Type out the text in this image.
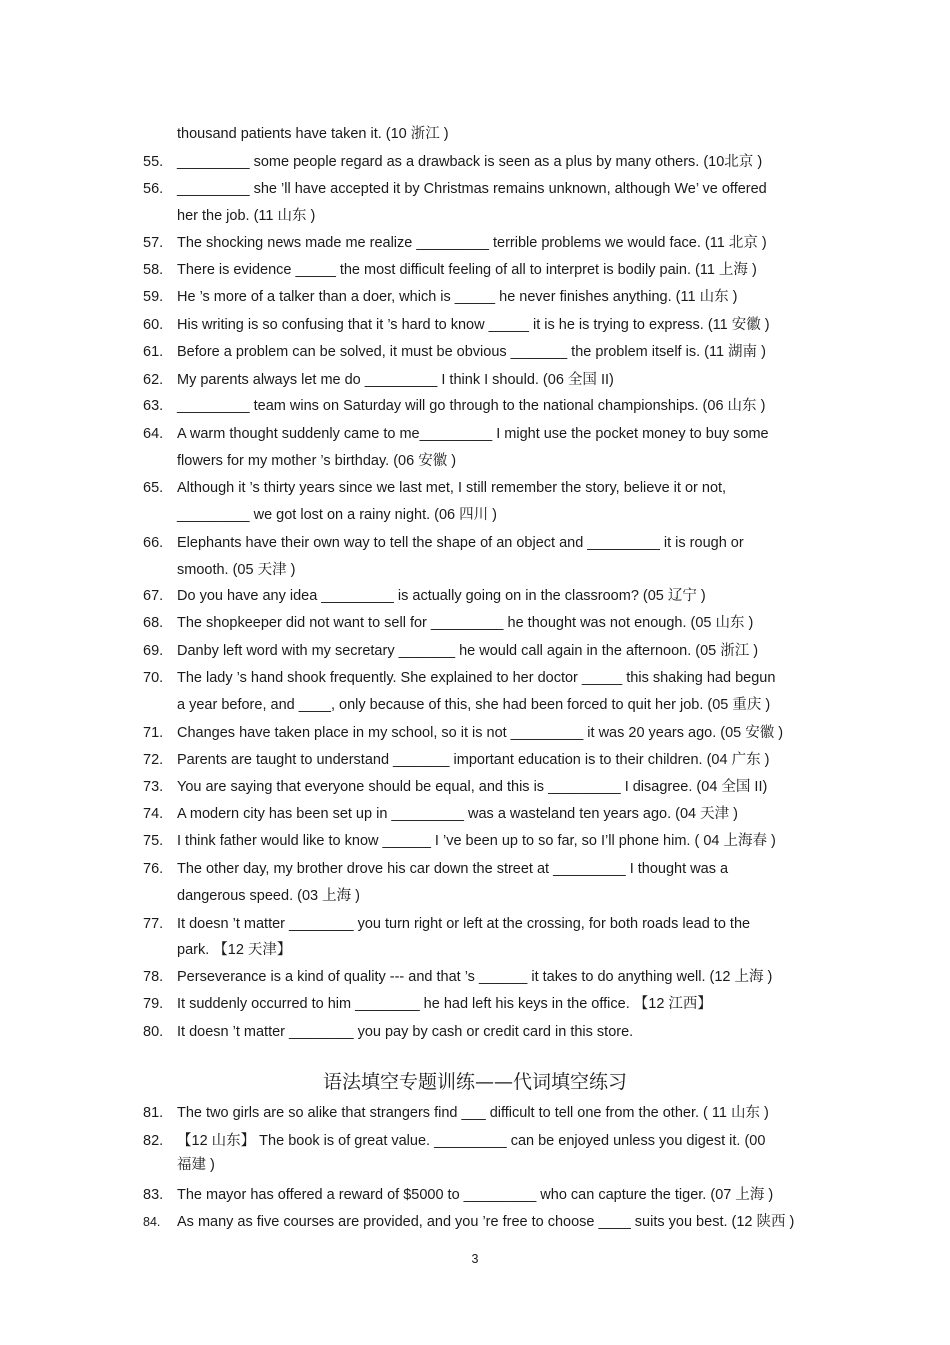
thousand patients have taken it. (10 浙江 )
55. _________ some people regard as a drawback is seen as a plus by many others. (10北京 )
56. _________ she ’ll have accepted it by Christmas remains unknown, although We’ ve offered
her the job. (11 山东 )
57. The shocking news made me realize _________ terrible problems we would face. (11 北京 )
58. There is evidence _____ the most difficult feeling of all to interpret is bodily pain. (11 上海 )
59. He ’s more of a talker than a doer, which is _____ he never finishes anything. (11 山东 )
60. His writing is so confusing that it ’s hard to know _____ it is he is trying to express. (11 安徽 )
61. Before a problem can be solved, it must be obvious _______ the problem itself is. (11 湖南 )
62. My parents always let me do _________ I think I should. (06 全国 II)
63. _________ team wins on Saturday will go through to the national championships. (06 山东 )
64. A warm thought suddenly came to me_________ I might use the pocket money to buy some
flowers for my mother ’s birthday. (06 安徽 )
65. Although it ’s thirty years since we last met, I still remember the story, believe it or not,
_________ we got lost on a rainy night. (06 四川 )
66. Elephants have their own way to tell the shape of an object and _________ it is rough or
smooth. (05 天津 )
67. Do you have any idea _________ is actually going on in the classroom? (05 辽宁 )
68. The shopkeeper did not want to sell for _________ he thought was not enough. (05 山东 )
69. Danby left word with my secretary _______ he would call again in the afternoon. (05 浙江 )
70. The lady ’s hand shook frequently. She explained to her doctor _____ this shaking had begun
a year before, and ____, only because of this, she had been forced to quit her job. (05 重庆 )
71. Changes have taken place in my school, so it is not _________ it was 20 years ago. (05 安徽 )
72. Parents are taught to understand _______ important education is to their children. (04 广东 )
73. You are saying that everyone should be equal, and this is _________ I disagree. (04 全国 II)
74. A modern city has been set up in _________ was a wasteland ten years ago. (04 天津 )
75. I think father would like to know ______ I ’ve been up to so far, so I’ll phone him. ( 04 上海春 )
76. The other day, my brother drove his car down the street at _________ I thought was a
dangerous speed. (03 上海 )
77. It doesn ’t matter ________ you turn right or left at the crossing, for both roads lead to the
park. 【12 天津】
78. Perseverance is a kind of quality --- and that ’s ______ it takes to do anything well. (12 上海 )
79. It suddenly occurred to him ________ he had left his keys in the office. 【12 江西】
80. It doesn ’t matter ________ you pay by cash or credit card in this store.
81. The two girls are so alike that strangers find ___ difficult to tell one from the other. ( 11 山东 )
82. 【12 山东】 The book is of great value. _________ can be enjoyed unless you digest it. (00
福建 )
83. The mayor has offered a reward of $5000 to _________ who can capture the tiger. (07 上海 )
84. As many as five courses are provided, and you ’re free to choose ____ suits you best. (12 陕西 )
语法填空专题训练——代词填空练习
3
